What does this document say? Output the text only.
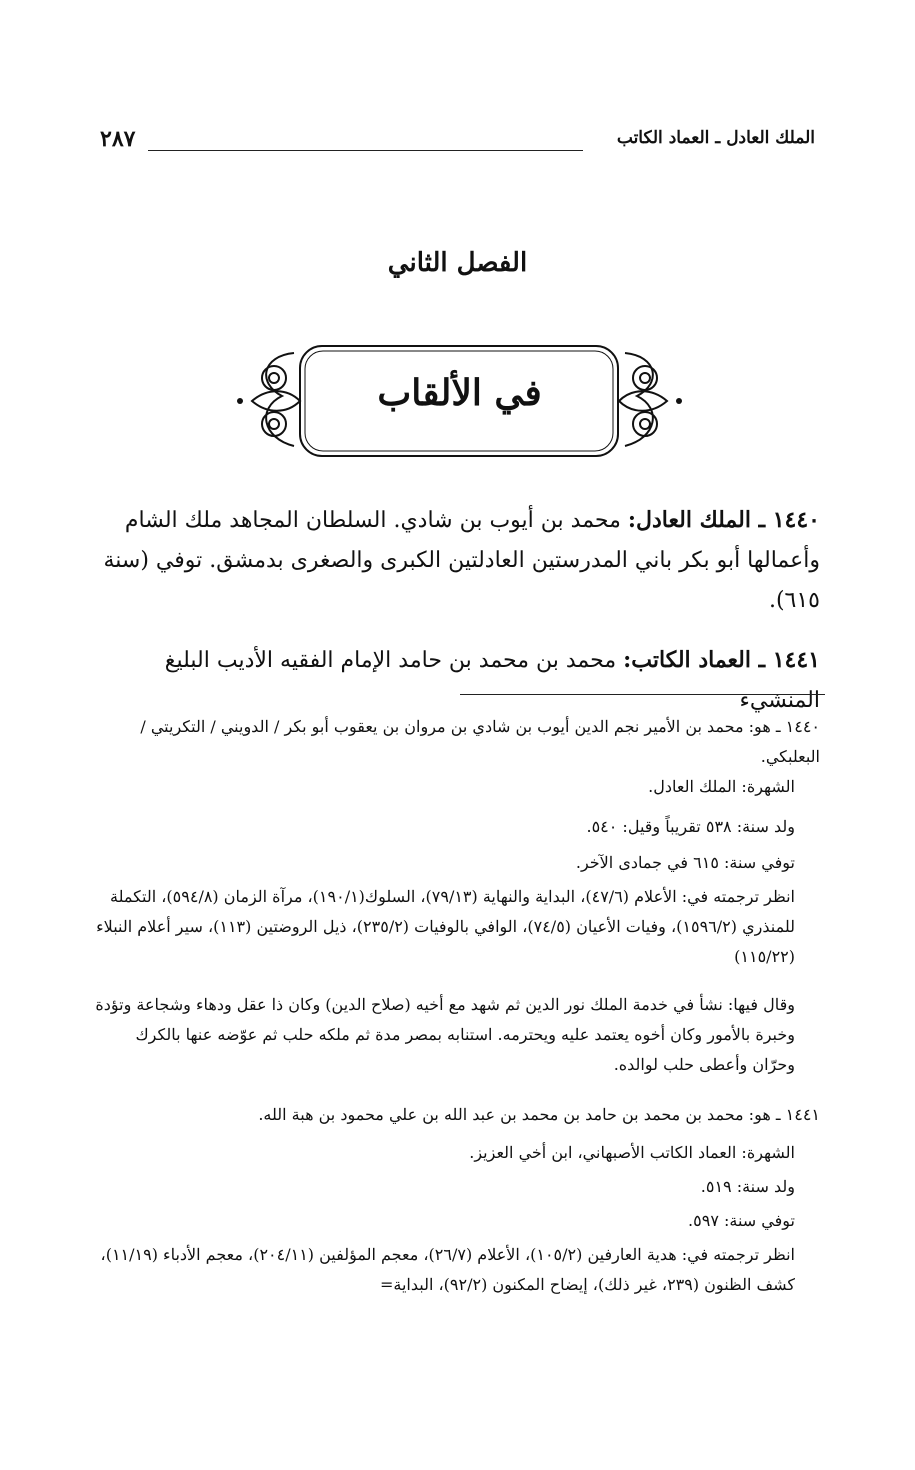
الملك العادل ـ العماد الكاتب
٢٨٧
الفصل الثاني
في الألقاب
١٤٤٠ ـ الملك العادل: محمد بن أيوب بن شادي. السلطان المجاهد ملك الشام وأعمالها أبو بكر باني المدرستين العادلتين الكبرى والصغرى بدمشق. توفي (سنة ٦١٥).
١٤٤١ ـ العماد الكاتب: محمد بن محمد بن حامد الإمام الفقيه الأديب البليغ المنشيء
١٤٤٠ ـ هو: محمد بن الأمير نجم الدين أيوب بن شادي بن مروان بن يعقوب أبو بكر / الدويني / التكريتي / البعلبكي.
الشهرة: الملك العادل.
ولد سنة: ٥٣٨ تقريباً وقيل: ٥٤٠.
توفي سنة: ٦١٥ في جمادى الآخر.
انظر ترجمته في: الأعلام (٤٧/٦)، البداية والنهاية (٧٩/١٣)، السلوك(١٩٠/١)، مرآة الزمان (٥٩٤/٨)، التكملة للمنذري (١٥٩٦/٢)، وفيات الأعيان (٧٤/٥)، الوافي بالوفيات (٢٣٥/٢)، ذيل الروضتين (١١٣)، سير أعلام النبلاء (١١٥/٢٢)
وقال فيها: نشأ في خدمة الملك نور الدين ثم شهد مع أخيه (صلاح الدين) وكان ذا عقل ودهاء وشجاعة وتؤدة وخبرة بالأمور وكان أخوه يعتمد عليه ويحترمه. استنابه بمصر مدة ثم ملكه حلب ثم عوّضه عنها بالكرك وحرّان وأعطى حلب لوالده.
١٤٤١ ـ هو: محمد بن محمد بن حامد بن محمد بن عبد الله بن علي محمود بن هبة الله.
الشهرة: العماد الكاتب الأصبهاني، ابن أخي العزيز.
ولد سنة: ٥١٩.
توفي سنة: ٥٩٧.
انظر ترجمته في: هدية العارفين (١٠٥/٢)، الأعلام (٢٦/٧)، معجم المؤلفين (٢٠٤/١١)، معجم الأدباء (١١/١٩)، كشف الظنون (٢٣٩، غير ذلك)، إيضاح المكنون (٩٢/٢)، البداية=
